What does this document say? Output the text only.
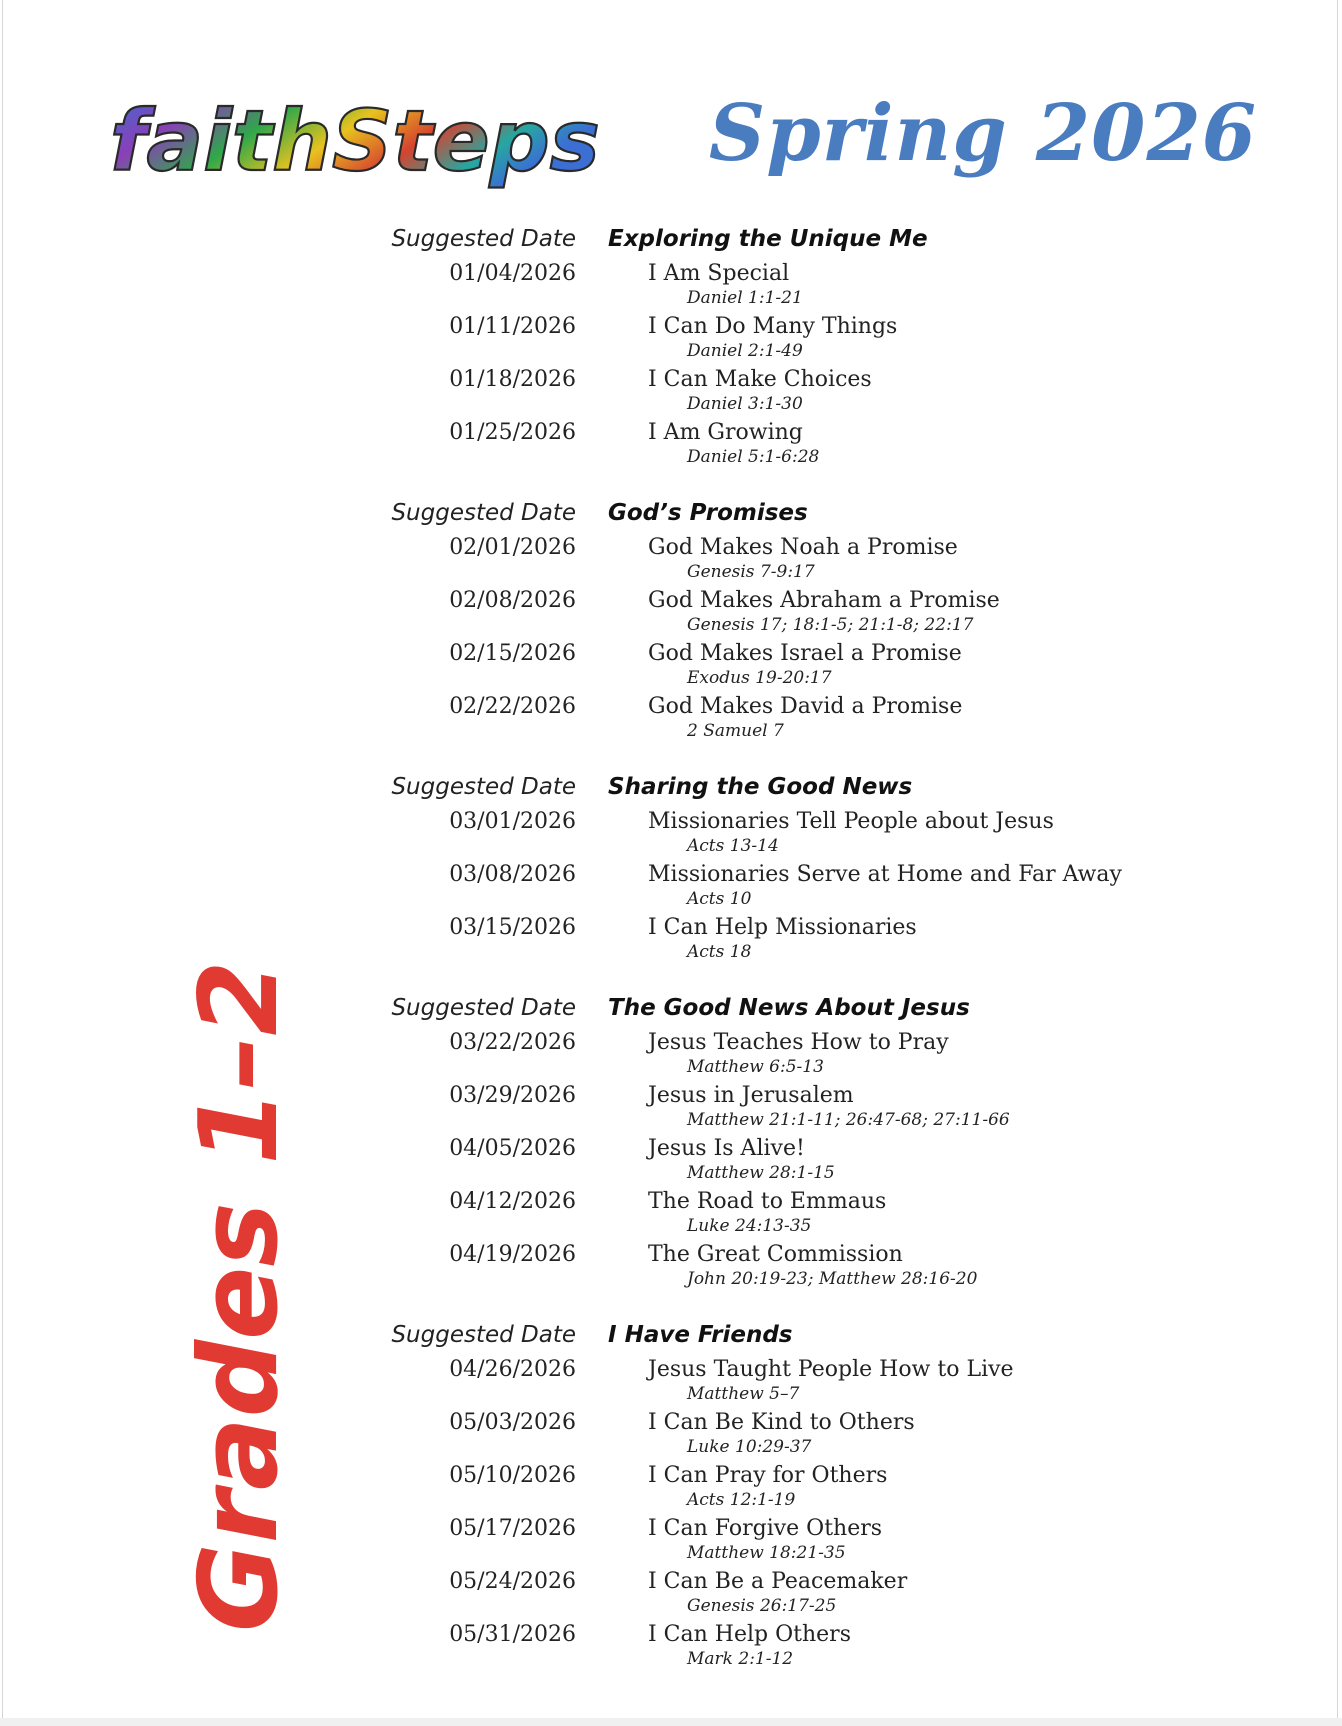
faithSteps Spring 2026
Grades 1–2
Suggested Date Exploring the Unique Me
01/04/2026	I Am Special
Daniel 1:1-21
01/11/2026	I Can Do Many Things
Daniel 2:1-49
01/18/2026	I Can Make Choices
Daniel 3:1-30
01/25/2026	I Am Growing
Daniel 5:1-6:28
Suggested Date God’s Promises
02/01/2026	God Makes Noah a Promise
Genesis 7-9:17
02/08/2026	God Makes Abraham a Promise
Genesis 17; 18:1-5; 21:1-8; 22:17
02/15/2026	God Makes Israel a Promise
Exodus 19-20:17
02/22/2026	God Makes David a Promise
2 Samuel 7
Suggested Date Sharing the Good News
03/01/2026	Missionaries Tell People about Jesus
Acts 13-14
03/08/2026	Missionaries Serve at Home and Far Away
Acts 10
03/15/2026	I Can Help Missionaries
Acts 18
Suggested Date The Good News About Jesus
03/22/2026	Jesus Teaches How to Pray
Matthew 6:5-13
03/29/2026	Jesus in Jerusalem
Matthew 21:1-11; 26:47-68; 27:11-66
04/05/2026	Jesus Is Alive!
Matthew 28:1-15
04/12/2026	The Road to Emmaus
Luke 24:13-35
04/19/2026	The Great Commission
John 20:19-23; Matthew 28:16-20
Suggested Date I Have Friends
04/26/2026	Jesus Taught People How to Live
Matthew 5–7
05/03/2026	I Can Be Kind to Others
Luke 10:29-37
05/10/2026	I Can Pray for Others
Acts 12:1-19
05/17/2026	I Can Forgive Others
Matthew 18:21-35
05/24/2026	I Can Be a Peacemaker
Genesis 26:17-25
05/31/2026	I Can Help Others
Mark 2:1-12
